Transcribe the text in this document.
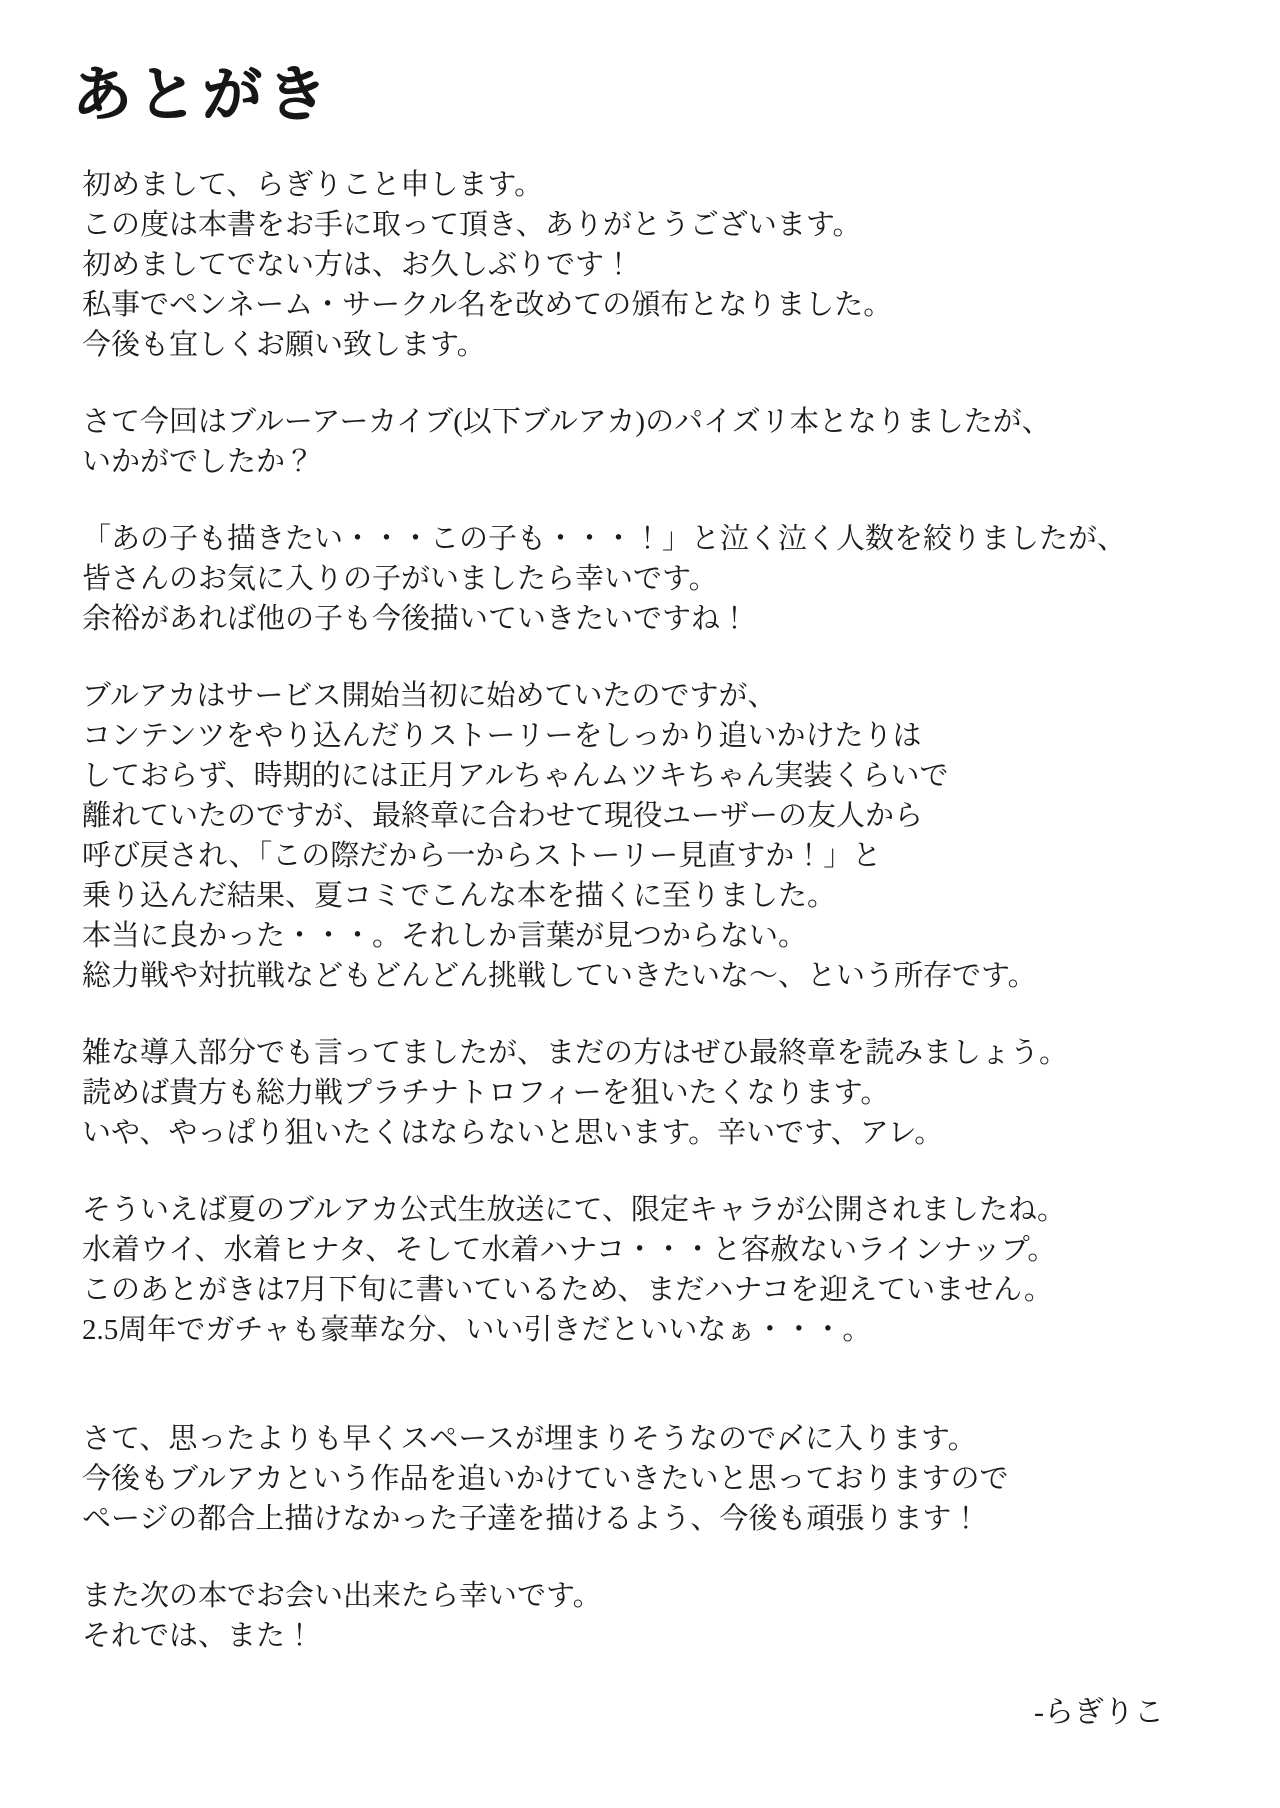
あとがき

初めまして、らぎりこと申します。
この度は本書をお手に取って頂き、ありがとうございます。
初めましてでない方は、お久しぶりです！
私事でペンネーム・サークル名を改めての頒布となりました。
今後も宜しくお願い致します。

さて今回はブルーアーカイブ(以下ブルアカ)のパイズリ本となりましたが、
いかがでしたか？

「あの子も描きたい・・・この子も・・・！」と泣く泣く人数を絞りましたが、
皆さんのお気に入りの子がいましたら幸いです。
余裕があれば他の子も今後描いていきたいですね！

ブルアカはサービス開始当初に始めていたのですが、
コンテンツをやり込んだりストーリーをしっかり追いかけたりは
しておらず、時期的には正月アルちゃんムツキちゃん実装くらいで
離れていたのですが、最終章に合わせて現役ユーザーの友人から
呼び戻され、「この際だから一からストーリー見直すか！」と
乗り込んだ結果、夏コミでこんな本を描くに至りました。
本当に良かった・・・。それしか言葉が見つからない。
総力戦や対抗戦などもどんどん挑戦していきたいな〜、という所存です。

雑な導入部分でも言ってましたが、まだの方はぜひ最終章を読みましょう。
読めば貴方も総力戦プラチナトロフィーを狙いたくなります。
いや、やっぱり狙いたくはならないと思います。辛いです、アレ。

そういえば夏のブルアカ公式生放送にて、限定キャラが公開されましたね。
水着ウイ、水着ヒナタ、そして水着ハナコ・・・と容赦ないラインナップ。
このあとがきは7月下旬に書いているため、まだハナコを迎えていません。
2.5周年でガチャも豪華な分、いい引きだといいなぁ・・・。

さて、思ったよりも早くスペースが埋まりそうなので〆に入ります。
今後もブルアカという作品を追いかけていきたいと思っておりますので
ページの都合上描けなかった子達を描けるよう、今後も頑張ります！

また次の本でお会い出来たら幸いです。
それでは、また！

-らぎりこ
